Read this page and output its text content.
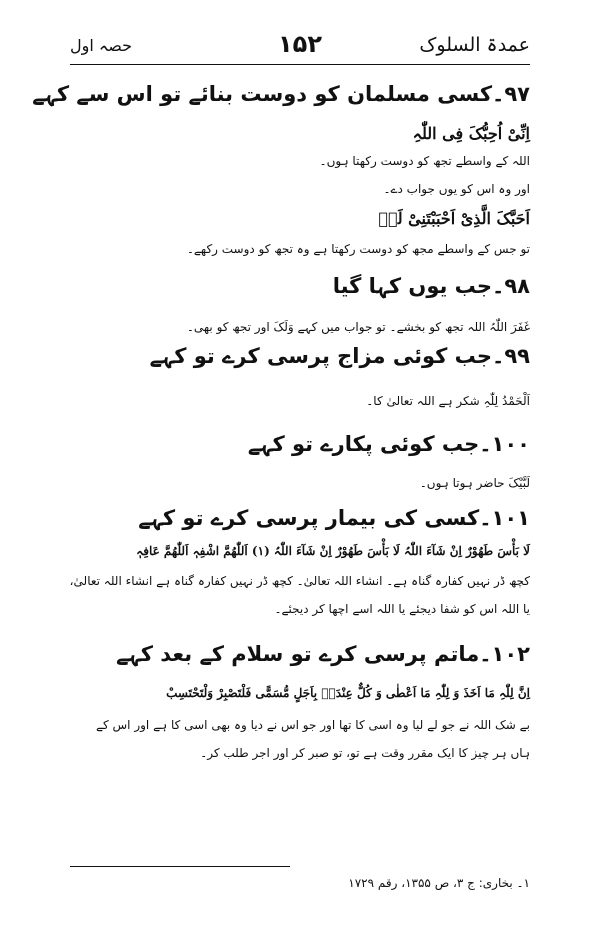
عمدۃ السلوک
۱۵۲
حصہ اول
۹۷۔کسی مسلمان کو دوست بنائے تو اس سے کہے
اِنِّیْ اُحِبُّکَ فِی اللّٰہِ
اللہ کے واسطے تجھ کو دوست رکھتا ہوں۔
اور وہ اس کو یوں جواب دے۔
اَحَبَّکَ الَّذِیْ اَحْبَبْتَنِیْ لَہٗ
تو جس کے واسطے مجھ کو دوست رکھتا ہے وہ تجھ کو دوست رکھے۔
۹۸۔جب یوں کہا گیا
غَفَرَ اللّٰہُ اللہ تجھ کو بخشے۔ تو جواب میں کہے وَلَکَ اور تجھ کو بھی۔
۹۹۔جب کوئی مزاج پرسی کرے تو کہے
اَلْحَمْدُ لِلّٰہِ شکر ہے اللہ تعالیٰ کا۔
۱۰۰۔جب کوئی پکارے تو کہے
لَبَّیْکَ حاضر ہوتا ہوں۔
۱۰۱۔کسی کی بیمار پرسی کرے تو کہے
لَا بَأْسَ طَھُوْرٌ اِنْ شَآءَ اللّٰہُ لَا بَأْسَ طَھُوْرٌ اِنْ شَآءَ اللّٰہُ (۱) اَللّٰھُمَّ اشْفِہٖ اَللّٰھُمَّ عَافِہٖ
کچھ ڈر نہیں کفارہ گناہ ہے۔ انشاء اللہ تعالیٰ۔ کچھ ڈر نہیں کفارہ گناہ ہے انشاء اللہ تعالیٰ،
یا اللہ اس کو شفا دیجئے یا اللہ اسے اچھا کر دیجئے۔
۱۰۲۔ماتم پرسی کرے تو سلام کے بعد کہے
اِنَّ لِلّٰہِ مَا اَخَذَ وَ لِلّٰہِ مَا اَعْطٰی وَ کُلٌّ عِنْدَہٗ بِاَجَلٍ مُّسَمًّی فَلْتَصْبِرْ وَلْتَحْتَسِبْ
بے شک اللہ نے جو لے لیا وہ اسی کا تھا اور جو اس نے دیا وہ بھی اسی کا ہے اور اس کے
ہاں ہر چیز کا ایک مقرر وقت ہے تو، تو صبر کر اور اجر طلب کر۔
۱۔ بخاری: ج ۳، ص ۱۳۵۵، رقم ۱۷۲۹
